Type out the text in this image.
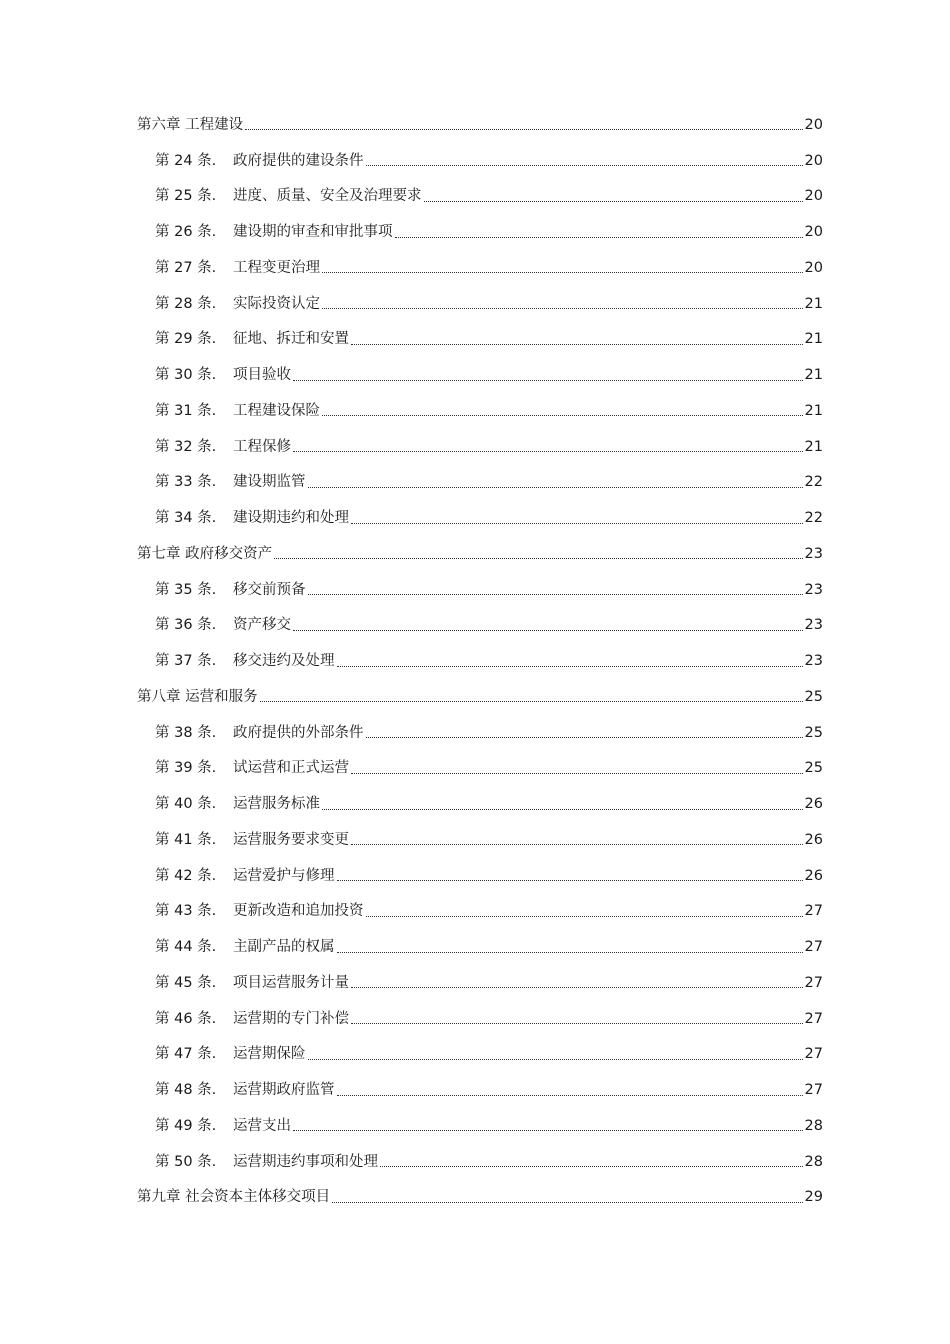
第六章 工程建设	20
第 24 条.	政府提供的建设条件	20
第 25 条.	进度、质量、安全及治理要求	20
第 26 条.	建设期的审查和审批事项	20
第 27 条.	工程变更治理	20
第 28 条.	实际投资认定	21
第 29 条.	征地、拆迁和安置	21
第 30 条.	项目验收	21
第 31 条.	工程建设保险	21
第 32 条.	工程保修	21
第 33 条.	建设期监管	22
第 34 条.	建设期违约和处理	22
第七章 政府移交资产	23
第 35 条.	移交前预备	23
第 36 条.	资产移交	23
第 37 条.	移交违约及处理	23
第八章 运营和服务	25
第 38 条.	政府提供的外部条件	25
第 39 条.	试运营和正式运营	25
第 40 条.	运营服务标准	26
第 41 条.	运营服务要求变更	26
第 42 条.	运营爱护与修理	26
第 43 条.	更新改造和追加投资	27
第 44 条.	主副产品的权属	27
第 45 条.	项目运营服务计量	27
第 46 条.	运营期的专门补偿	27
第 47 条.	运营期保险	27
第 48 条.	运营期政府监管	27
第 49 条.	运营支出	28
第 50 条.	运营期违约事项和处理	28
第九章 社会资本主体移交项目	29
